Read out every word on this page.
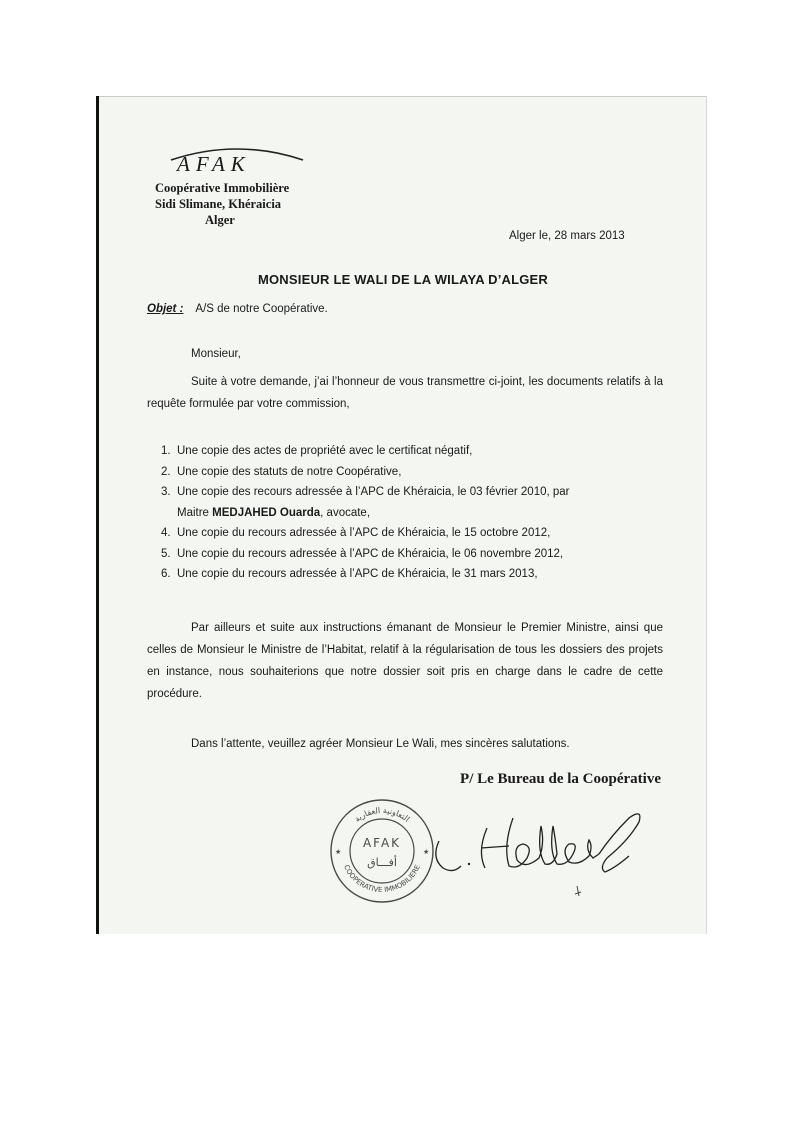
AFAK
Coopérative Immobilière
Sidi Slimane, Khéraicia
Alger
Alger le, 28 mars 2013
MONSIEUR LE WALI DE LA WILAYA D’ALGER
Objet : A/S de notre Coopérative.
Monsieur,
Suite à votre demande, j’ai l’honneur de vous transmettre ci-joint, les documents relatifs à la requête formulée par votre commission,
1. Une copie des actes de propriété avec le certificat négatif,
2. Une copie des statuts de notre Coopérative,
3. Une copie des recours adressée à l’APC de Khéraicia, le 03 février 2010, par
Maitre MEDJAHED Ouarda, avocate,
4. Une copie du recours adressée à l’APC de Khéraicia, le 15 octobre 2012,
5. Une copie du recours adressée à l’APC de Khéraicia, le 06 novembre 2012,
6. Une copie du recours adressée à l’APC de Khéraicia, le 31 mars 2013,
Par ailleurs et suite aux instructions émanant de Monsieur le Premier Ministre, ainsi que celles de Monsieur le Ministre de l’Habitat, relatif à la régularisation de tous les dossiers des projets en instance, nous souhaiterions que notre dossier soit pris en charge dans le cadre de cette procédure.
Dans l’attente, veuillez agréer Monsieur Le Wali, mes sincères salutations.
P/ Le Bureau de la Coopérative
التعاونية العقارية
COOPERATIVE IMMOBILIERE
AFAK
أفـــاق
★	★
